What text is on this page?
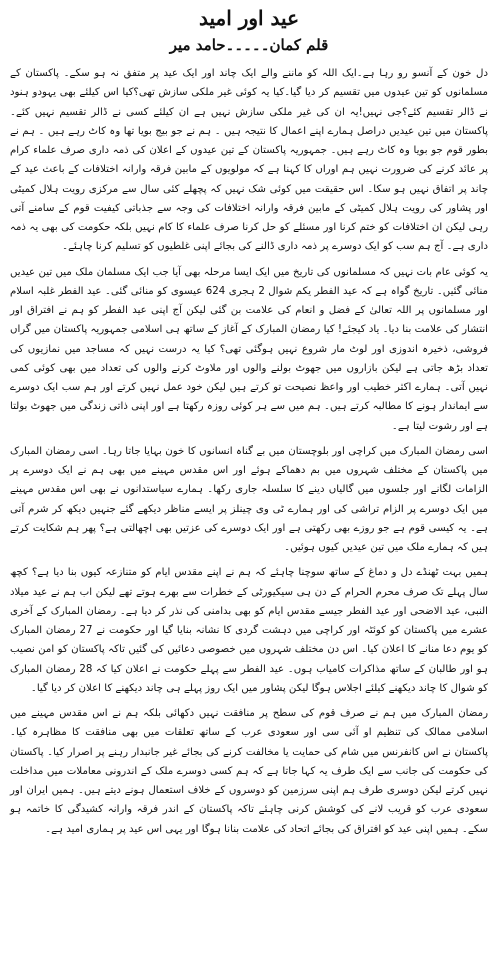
عید اور امید
قلم کمان۔۔۔۔۔حامد میر

دل خون کے آنسو رو رہا ہے۔ایک اللہ کو ماننے والے ایک چاند اور ایک عید پر متفق نہ ہو سکے۔ پاکستان کے مسلمانوں کو تین عیدوں میں تقسیم کر دیا گیا۔کیا یہ کوئی غیر ملکی سازش تھی؟کیا اس کیلئے بھی یہودو ہنود نے ڈالر تقسیم کئے؟جی نہیں!یہ ان کی غیر ملکی سازش نہیں ہے ان کیلئے کسی نے ڈالر تقسیم نہیں کئے۔ پاکستان میں تین عیدیں دراصل ہمارے اپنے اعمال کا نتیجہ ہیں ۔ ہم نے جو بیج بویا تھا وہ کاٹ رہے ہیں ۔ ہم نے بطور قوم جو بویا وہ کاٹ رہے ہیں۔ جمہوریہ پاکستان کے تین عیدوں کے اعلان کی ذمہ داری صرف علماء کرام پر عائد کرنے کی ضرورت نہیں ہم اوراں کا کہنا ہے کہ مولویوں کے مابین فرقہ وارانہ اختلافات کے باعث عید کے چاند پر اتفاق نہیں ہو سکا۔ اس حقیقت میں کوئی شک نہیں کہ پچھلے کئی سال سے مرکزی رویت ہلال کمیٹی اور پشاور کی رویت ہلال کمیٹی کے مابین فرقہ وارانہ اختلافات کی وجہ سے جذباتی کیفیت قوم کے سامنے آتی رہی لیکن ان اختلافات کو ختم کرنا اور مسئلے کو حل کرنا صرف علماء کا کام نہیں بلکہ حکومت کی بھی یہ ذمہ داری ہے۔ آج ہم سب کو ایک دوسرے پر ذمہ داری ڈالنے کی بجائے اپنی غلطیوں کو تسلیم کرنا چاہئے۔

یہ کوئی عام بات نہیں کہ مسلمانوں کی تاریخ میں ایک ایسا مرحلہ بھی آیا جب ایک مسلمان ملک میں تین عیدیں منائی گئیں۔ تاریخ گواہ ہے کہ عید الفطر یکم شوال 2 ہجری 624 عیسوی کو منائی گئی۔ عید الفطر غلبہ اسلام اور مسلمانوں پر اللہ تعالیٰ کے فضل و انعام کی علامت بن گئی لیکن آج اپنی عید الفطر کو ہم نے افتراق اور انتشار کی علامت بنا دیا۔ یاد کیجئے! کیا رمضان المبارک کے آغاز کے ساتھ ہی اسلامی جمہوریہ پاکستان میں گراں فروشی، ذخیرہ اندوزی اور لوٹ مار شروع نہیں ہوگئی تھی؟ کیا یہ درست نہیں کہ مساجد میں نمازیوں کی تعداد بڑھ جاتی ہے لیکن بازاروں میں جھوٹ بولنے والوں اور ملاوٹ کرنے والوں کی تعداد میں بھی کوئی کمی نہیں آتی۔ ہمارے اکثر خطیب اور واعظ نصیحت تو کرتے ہیں لیکن خود عمل نہیں کرتے اور ہم سب ایک دوسرے سے ایماندار ہونے کا مطالبہ کرتے ہیں۔ ہم میں سے ہر کوئی روزہ رکھتا ہے اور اپنی ذاتی زندگی میں جھوٹ بولتا ہے اور رشوت لیتا ہے۔

اسی رمضان المبارک میں کراچی اور بلوچستان میں بے گناہ انسانوں کا خون بہایا جاتا رہا۔ اسی رمضان المبارک میں پاکستان کے مختلف شہروں میں بم دھماکے ہوئے اور اس مقدس مہینے میں بھی ہم نے ایک دوسرے پر الزامات لگانے اور جلسوں میں گالیاں دینے کا سلسلہ جاری رکھا۔ ہمارے سیاستدانوں نے بھی اس مقدس مہینے میں ایک دوسرے پر الزام تراشی کی اور ہمارے ٹی وی چینلز پر ایسے مناظر دیکھے گئے جنہیں دیکھ کر شرم آتی ہے۔ یہ کیسی قوم ہے جو روزے بھی رکھتی ہے اور ایک دوسرے کی عزتیں بھی اچھالتی ہے؟ پھر ہم شکایت کرتے ہیں کہ ہمارے ملک میں تین عیدیں کیوں ہوئیں۔

ہمیں بہت ٹھنڈے دل و دماغ کے ساتھ سوچنا چاہئے کہ ہم نے اپنے مقدس ایام کو متنازعہ کیوں بنا دیا ہے؟ کچھ سال پہلے تک صرف محرم الحرام کے دن ہی سیکیورٹی کے خطرات سے بھرے ہوتے تھے لیکن اب ہم نے عید میلاد النبی، عید الاضحی اور عید الفطر جیسے مقدس ایام کو بھی بدامنی کی نذر کر دیا ہے۔ رمضان المبارک کے آخری عشرے میں پاکستان کو کوئٹہ اور کراچی میں دہشت گردی کا نشانہ بنایا گیا اور حکومت نے 27 رمضان المبارک کو یوم دعا منانے کا اعلان کیا۔ اس دن مختلف شہروں میں خصوصی دعائیں کی گئیں تاکہ پاکستان کو امن نصیب ہو اور طالبان کے ساتھ مذاکرات کامیاب ہوں۔ عید الفطر سے پہلے حکومت نے اعلان کیا کہ 28 رمضان المبارک کو شوال کا چاند دیکھنے کیلئے اجلاس ہوگا لیکن پشاور میں ایک روز پہلے ہی چاند دیکھنے کا اعلان کر دیا گیا۔

رمضان المبارک میں ہم نے صرف قوم کی سطح پر منافقت نہیں دکھائی بلکہ ہم نے اس مقدس مہینے میں اسلامی ممالک کی تنظیم او آئی سی اور سعودی عرب کے ساتھ تعلقات میں بھی منافقت کا مظاہرہ کیا۔ پاکستان نے اس کانفرنس میں شام کی حمایت یا مخالفت کرنے کی بجائے غیر جانبدار رہنے پر اصرار کیا۔ پاکستان کی حکومت کی جانب سے ایک طرف یہ کہا جاتا ہے کہ ہم کسی دوسرے ملک کے اندرونی معاملات میں مداخلت نہیں کرتے لیکن دوسری طرف ہم اپنی سرزمین کو دوسروں کے خلاف استعمال ہونے دیتے ہیں۔ ہمیں ایران اور سعودی عرب کو قریب لانے کی کوشش کرنی چاہئے تاکہ پاکستان کے اندر فرقہ وارانہ کشیدگی کا خاتمہ ہو سکے۔ ہمیں اپنی عید کو افتراق کی بجائے اتحاد کی علامت بنانا ہوگا اور یہی اس عید پر ہماری امید ہے۔
